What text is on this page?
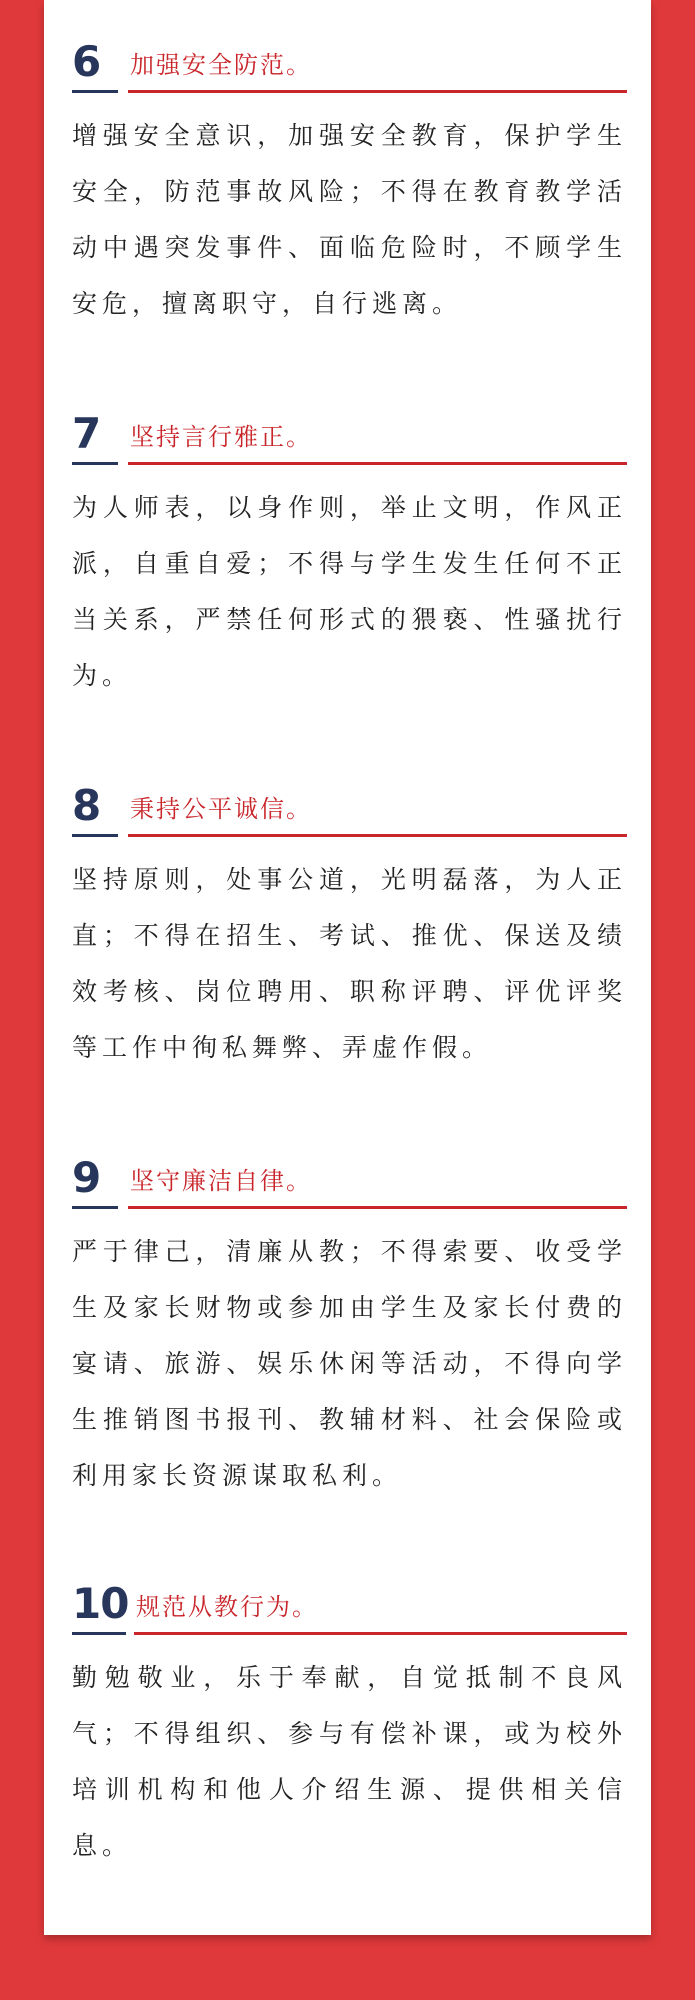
6 加强安全防范。

增强安全意识，加强安全教育，保护学生安全，防范事故风险；不得在教育教学活动中遇突发事件、面临危险时，不顾学生安危，擅离职守，自行逃离。

7 坚持言行雅正。

为人师表，以身作则，举止文明，作风正派，自重自爱；不得与学生发生任何不正当关系，严禁任何形式的猥亵、性骚扰行为。

8 秉持公平诚信。

坚持原则，处事公道，光明磊落，为人正直；不得在招生、考试、推优、保送及绩效考核、岗位聘用、职称评聘、评优评奖等工作中徇私舞弊、弄虚作假。

9 坚守廉洁自律。

严于律己，清廉从教；不得索要、收受学生及家长财物或参加由学生及家长付费的宴请、旅游、娱乐休闲等活动，不得向学生推销图书报刊、教辅材料、社会保险或利用家长资源谋取私利。

10 规范从教行为。

勤勉敬业，乐于奉献，自觉抵制不良风气；不得组织、参与有偿补课，或为校外培训机构和他人介绍生源、提供相关信息。
